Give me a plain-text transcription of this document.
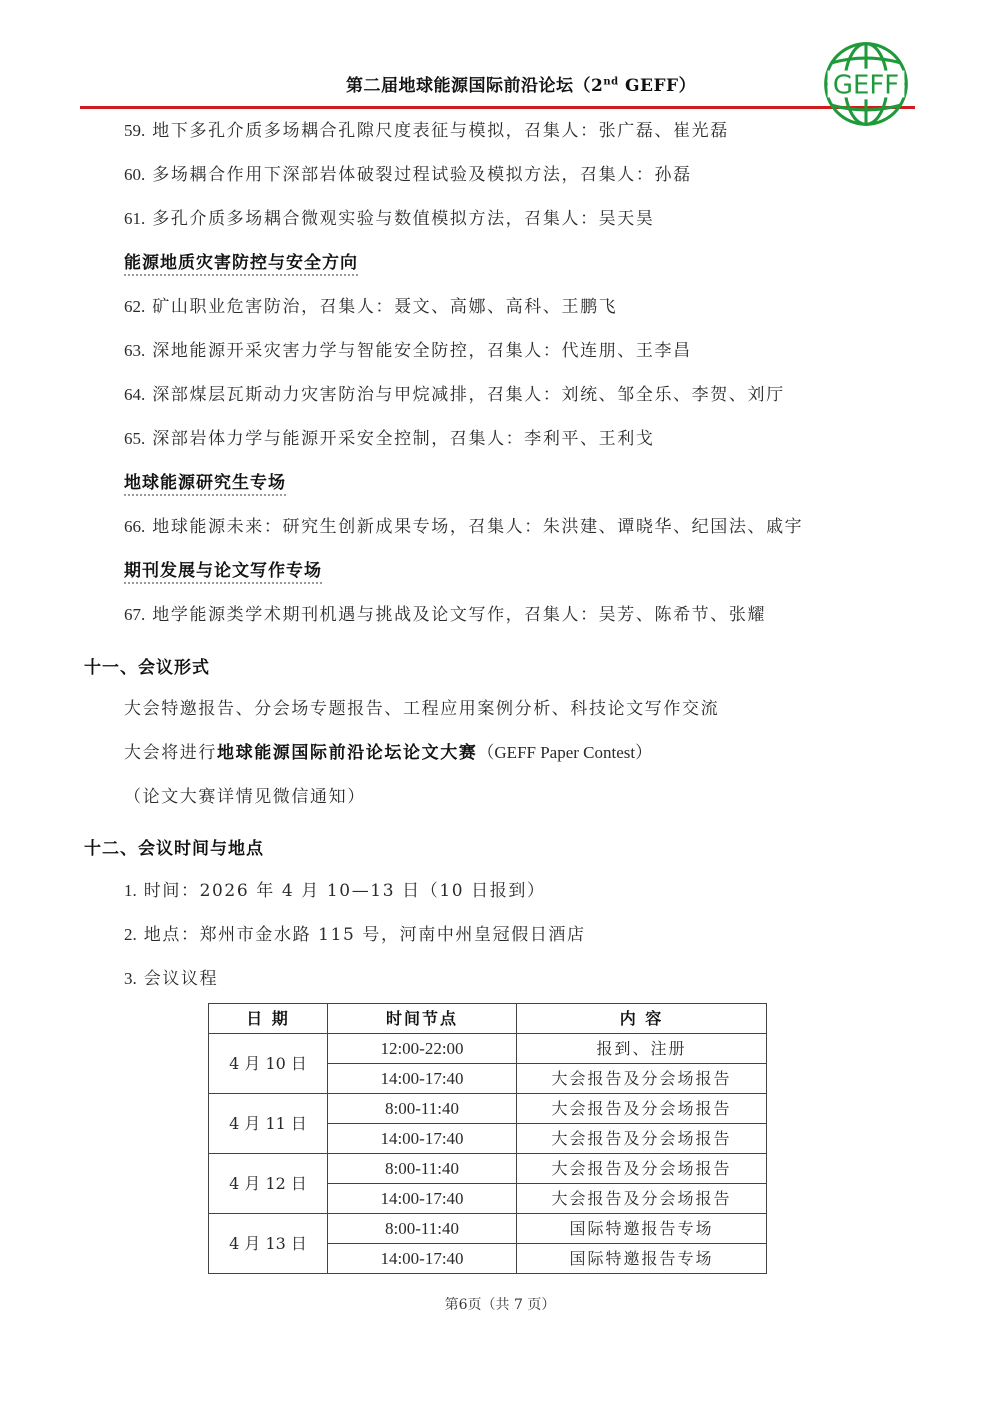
第二届地球能源国际前沿论坛（2nd GEFF）	GEFF
59. 地下多孔介质多场耦合孔隙尺度表征与模拟，召集人：张广磊、崔光磊
60. 多场耦合作用下深部岩体破裂过程试验及模拟方法，召集人：孙磊
61. 多孔介质多场耦合微观实验与数值模拟方法，召集人：吴天昊
能源地质灾害防控与安全方向
62. 矿山职业危害防治，召集人：聂文、高娜、高科、王鹏飞
63. 深地能源开采灾害力学与智能安全防控，召集人：代连朋、王李昌
64. 深部煤层瓦斯动力灾害防治与甲烷减排，召集人：刘统、邹全乐、李贺、刘厅
65. 深部岩体力学与能源开采安全控制，召集人：李利平、王利戈
地球能源研究生专场
66. 地球能源未来：研究生创新成果专场，召集人：朱洪建、谭晓华、纪国法、戚宇
期刊发展与论文写作专场
67. 地学能源类学术期刊机遇与挑战及论文写作，召集人：吴芳、陈希节、张耀
十一、会议形式
大会特邀报告、分会场专题报告、工程应用案例分析、科技论文写作交流
大会将进行地球能源国际前沿论坛论文大赛（GEFF Paper Contest）
（论文大赛详情见微信通知）
十二、会议时间与地点
1. 时间：2026 年 4 月 10—13 日（10 日报到）
2. 地点：郑州市金水路 115 号，河南中州皇冠假日酒店
3. 会议议程
日 期	时间节点	内 容
4 月 10 日	12:00-22:00	报到、注册
	14:00-17:40	大会报告及分会场报告
4 月 11 日	8:00-11:40	大会报告及分会场报告
	14:00-17:40	大会报告及分会场报告
4 月 12 日	8:00-11:40	大会报告及分会场报告
	14:00-17:40	大会报告及分会场报告
4 月 13 日	8:00-11:40	国际特邀报告专场
	14:00-17:40	国际特邀报告专场
第6页（共 7 页）
